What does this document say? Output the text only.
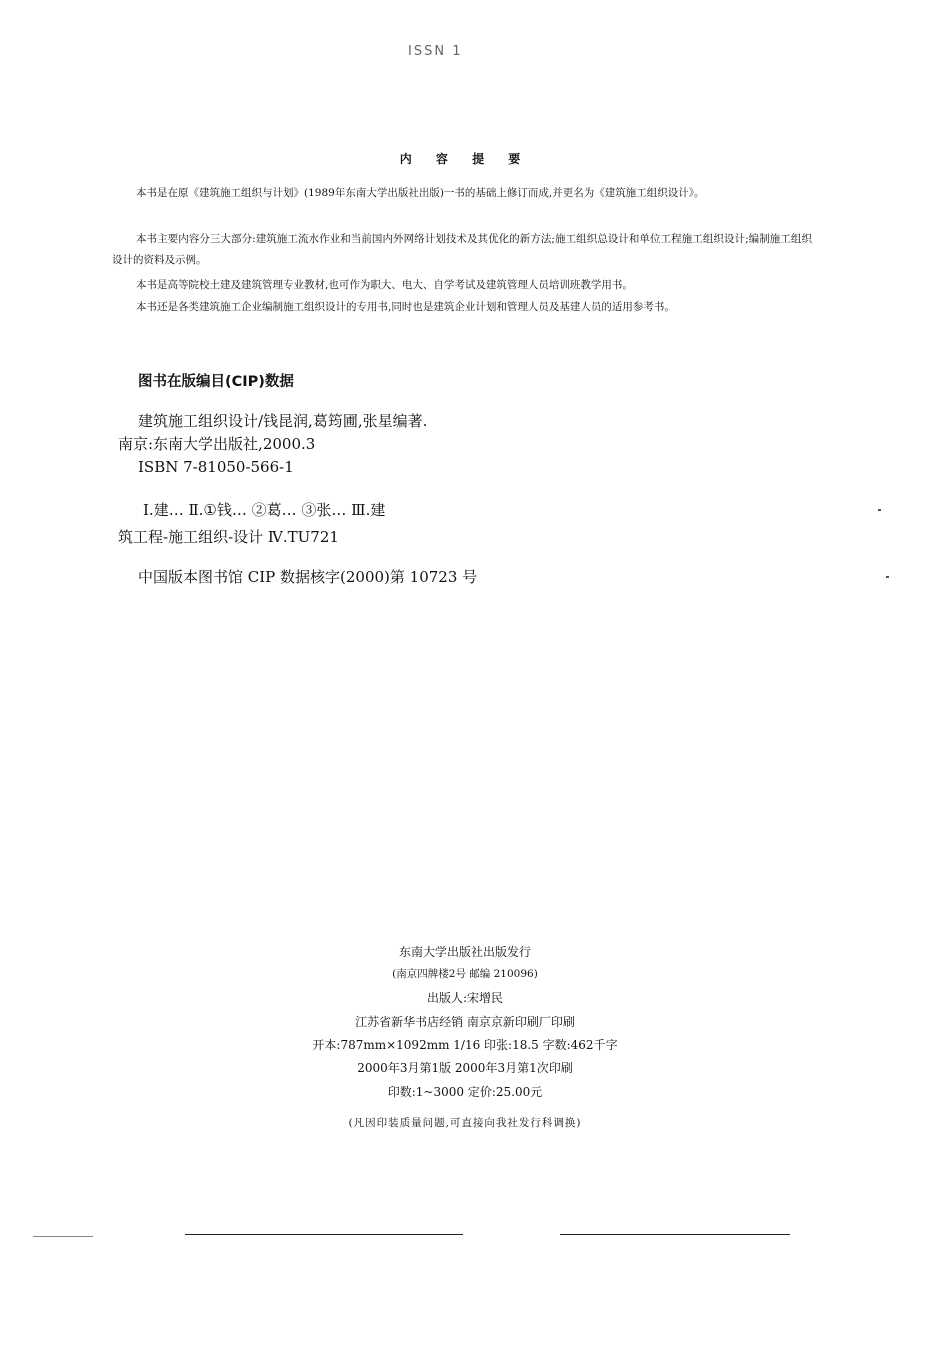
ISSN 1
内 容 提 要
本书是在原《建筑施工组织与计划》(1989年东南大学出版社出版)一书的基础上修订而成,并更名为《建筑施工组织设计》。
本书主要内容分三大部分:建筑施工流水作业和当前国内外网络计划技术及其优化的新方法;施工组织总设计和单位工程施工组织设计;编制施工组织设计的资料及示例。
本书是高等院校土建及建筑管理专业教材,也可作为职大、电大、自学考试及建筑管理人员培训班教学用书。
本书还是各类建筑施工企业编制施工组织设计的专用书,同时也是建筑企业计划和管理人员及基建人员的适用参考书。
图书在版编目(CIP)数据
建筑施工组织设计/钱昆润,葛筠圃,张星编著.
南京:东南大学出版社,2000.3
ISBN 7-81050-566-1
Ⅰ.建… Ⅱ.①钱… ②葛… ③张… Ⅲ.建
筑工程-施工组织-设计 Ⅳ.TU721
中国版本图书馆 CIP 数据核字(2000)第 10723 号
东南大学出版社出版发行
(南京四牌楼2号 邮编 210096)
出版人:宋增民
江苏省新华书店经销 南京京新印刷厂印刷
开本:787mm×1092mm 1/16 印张:18.5 字数:462千字
2000年3月第1版 2000年3月第1次印刷
印数:1~3000 定价:25.00元
(凡因印装质量问题,可直接向我社发行科调换)
